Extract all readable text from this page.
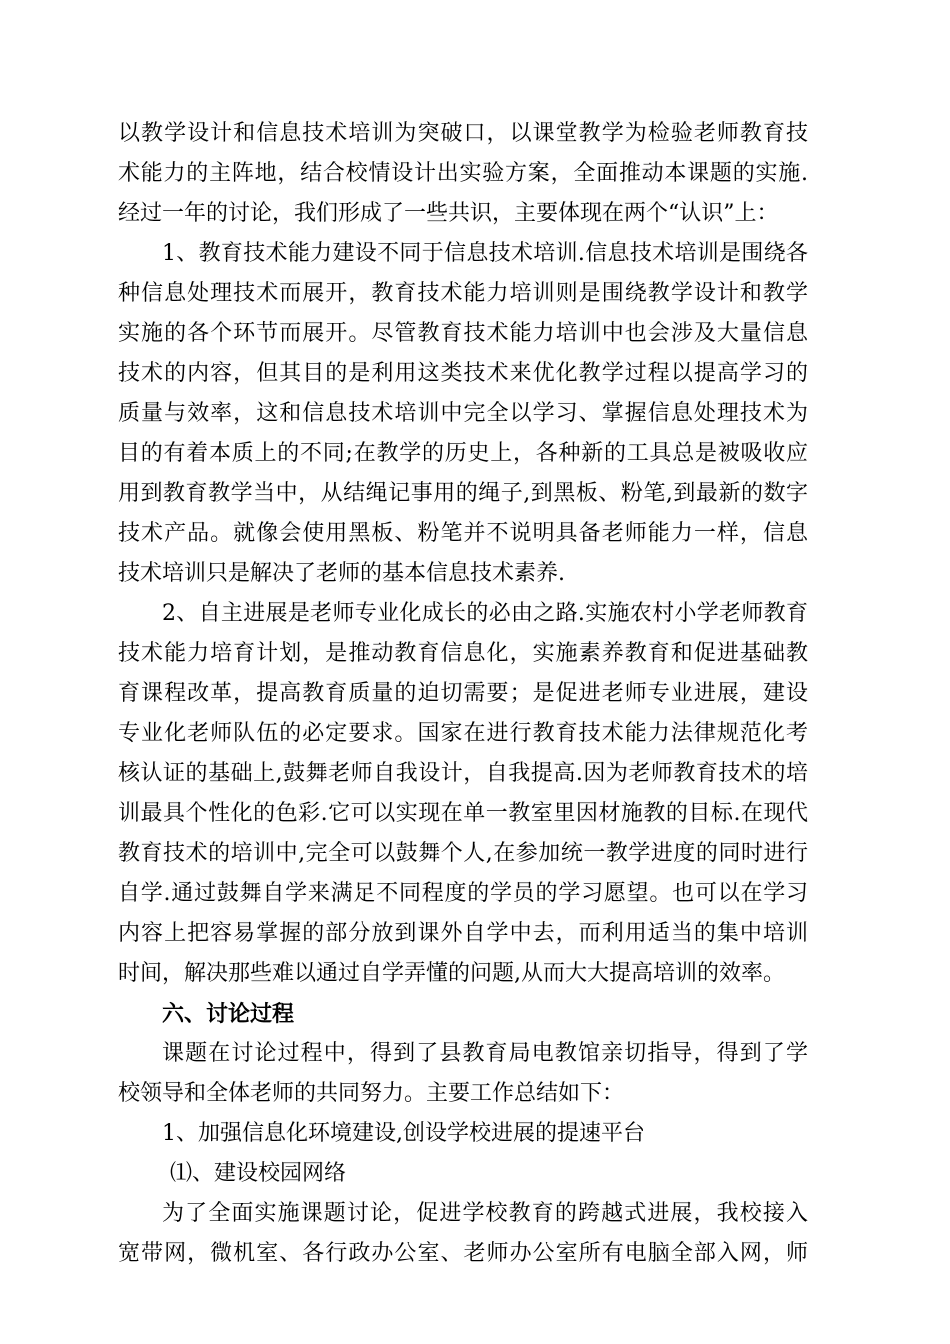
以教学设计和信息技术培训为突破口，以课堂教学为检验老师教育技
术能力的主阵地，结合校情设计出实验方案，全面推动本课题的实施.
经过一年的讨论，我们形成了一些共识，主要体现在两个“认识”上：
1、教育技术能力建设不同于信息技术培训.信息技术培训是围绕各
种信息处理技术而展开，教育技术能力培训则是围绕教学设计和教学
实施的各个环节而展开。尽管教育技术能力培训中也会涉及大量信息
技术的内容，但其目的是利用这类技术来优化教学过程以提高学习的
质量与效率，这和信息技术培训中完全以学习、掌握信息处理技术为
目的有着本质上的不同;在教学的历史上，各种新的工具总是被吸收应
用到教育教学当中，从结绳记事用的绳子,到黑板、粉笔,到最新的数字
技术产品。就像会使用黑板、粉笔并不说明具备老师能力一样，信息
技术培训只是解决了老师的基本信息技术素养.
2、自主进展是老师专业化成长的必由之路.实施农村小学老师教育
技术能力培育计划，是推动教育信息化，实施素养教育和促进基础教
育课程改革，提高教育质量的迫切需要；是促进老师专业进展，建设
专业化老师队伍的必定要求。国家在进行教育技术能力法律规范化考
核认证的基础上,鼓舞老师自我设计，自我提高.因为老师教育技术的培
训最具个性化的色彩.它可以实现在单一教室里因材施教的目标.在现代
教育技术的培训中,完全可以鼓舞个人,在参加统一教学进度的同时进行
自学.通过鼓舞自学来满足不同程度的学员的学习愿望。也可以在学习
内容上把容易掌握的部分放到课外自学中去，而利用适当的集中培训
时间，解决那些难以通过自学弄懂的问题,从而大大提高培训的效率。
六、讨论过程
课题在讨论过程中，得到了县教育局电教馆亲切指导，得到了学
校领导和全体老师的共同努力。主要工作总结如下：
1、加强信息化环境建设,创设学校进展的提速平台
⑴、建设校园网络
为了全面实施课题讨论，促进学校教育的跨越式进展，我校接入
宽带网，微机室、各行政办公室、老师办公室所有电脑全部入网，师
